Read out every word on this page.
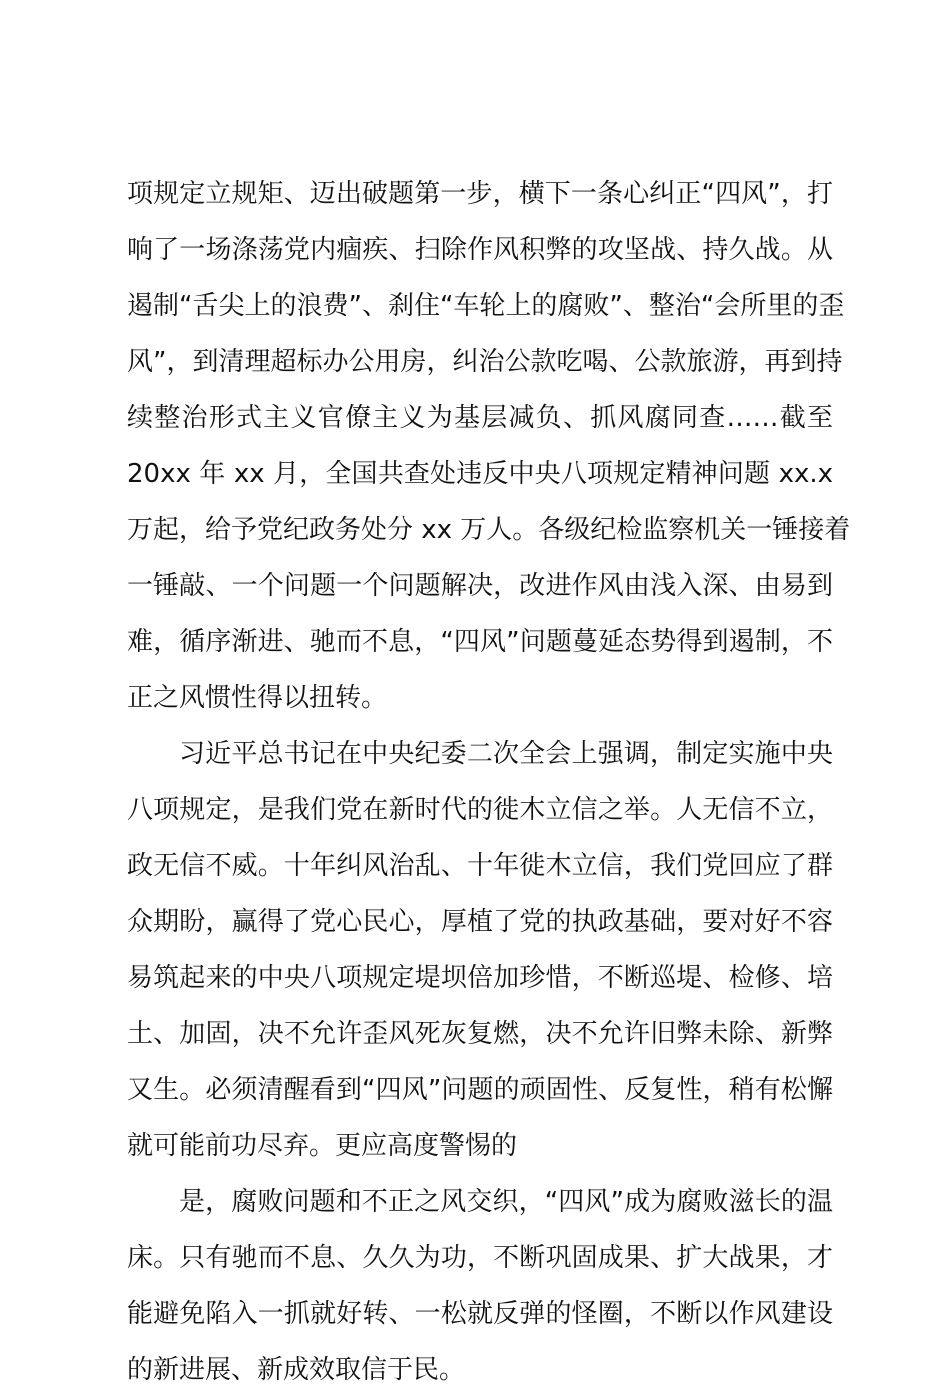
项规定立规矩、迈出破题第一步，横下一条心纠正“四风”，打
响了一场涤荡党内痼疾、扫除作风积弊的攻坚战、持久战。从
遏制“舌尖上的浪费”、刹住“车轮上的腐败”、整治“会所里的歪
风”，到清理超标办公用房，纠治公款吃喝、公款旅游，再到持
续整治形式主义官僚主义为基层减负、抓风腐同查……截至
20xx 年 xx 月，全国共查处违反中央八项规定精神问题 xx.x
万起，给予党纪政务处分 xx 万人。各级纪检监察机关一锤接着
一锤敲、一个问题一个问题解决，改进作风由浅入深、由易到
难，循序渐进、驰而不息，“四风”问题蔓延态势得到遏制，不
正之风惯性得以扭转。
习近平总书记在中央纪委二次全会上强调，制定实施中央
八项规定，是我们党在新时代的徙木立信之举。人无信不立，
政无信不威。十年纠风治乱、十年徙木立信，我们党回应了群
众期盼，赢得了党心民心，厚植了党的执政基础，要对好不容
易筑起来的中央八项规定堤坝倍加珍惜，不断巡堤、检修、培
土、加固，决不允许歪风死灰复燃，决不允许旧弊未除、新弊
又生。必须清醒看到“四风”问题的顽固性、反复性，稍有松懈
就可能前功尽弃。更应高度警惕的
是，腐败问题和不正之风交织，“四风”成为腐败滋长的温
床。只有驰而不息、久久为功，不断巩固成果、扩大战果，才
能避免陷入一抓就好转、一松就反弹的怪圈，不断以作风建设
的新进展、新成效取信于民。
